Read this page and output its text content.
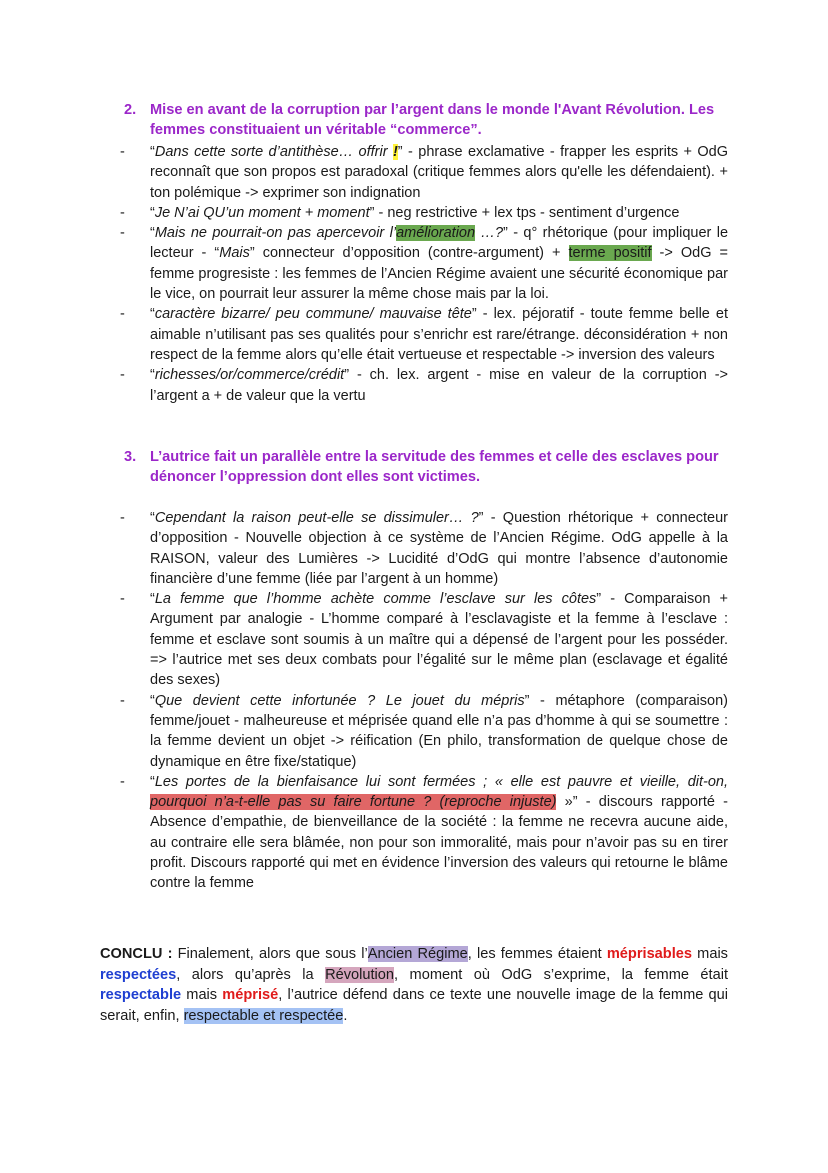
2. Mise en avant de la corruption par l’argent dans le monde l'Avant Révolution. Les femmes constituaient un véritable “commerce”.
- “Dans cette sorte d’antithèse… offrir !” - phrase exclamative - frapper les esprits + OdG reconnaît que son propos est paradoxal (critique femmes alors qu'elle les défendaient). + ton polémique -> exprimer son indignation
- “Je N’ai QU’un moment + moment” - neg restrictive + lex tps - sentiment d’urgence
- “Mais ne pourrait-on pas apercevoir l’amélioration …?” - q° rhétorique (pour impliquer le lecteur - “Mais” connecteur d’opposition (contre-argument) + terme positif -> OdG = femme progresiste : les femmes de l’Ancien Régime avaient une sécurité économique par le vice, on pourrait leur assurer la même chose mais par la loi.
- “caractère bizarre/ peu commune/ mauvaise tête” - lex. péjoratif - toute femme belle et aimable n’utilisant pas ses qualités pour s’enrichr est rare/étrange. déconsidération + non respect de la femme alors qu’elle était vertueuse et respectable -> inversion des valeurs
- “richesses/or/commerce/crédit” - ch. lex. argent - mise en valeur de la corruption -> l’argent a + de valeur que la vertu
3. L’autrice fait un parallèle entre la servitude des femmes et celle des esclaves pour dénoncer l’oppression dont elles sont victimes.
- “Cependant la raison peut-elle se dissimuler… ?” - Question rhétorique + connecteur d’opposition - Nouvelle objection à ce système de l’Ancien Régime. OdG appelle à la RAISON, valeur des Lumières -> Lucidité d’OdG qui montre l’absence d’autonomie financière d’une femme (liée par l’argent à un homme)
- “La femme que l’homme achète comme l’esclave sur les côtes” - Comparaison + Argument par analogie - L’homme comparé à l’esclavagiste et la femme à l’esclave : femme et esclave sont soumis à un maître qui a dépensé de l’argent pour les posséder. => l’autrice met ses deux combats pour l’égalité sur le même plan (esclavage et égalité des sexes)
- “Que devient cette infortunée ? Le jouet du mépris” - métaphore (comparaison) femme/jouet - malheureuse et méprisée quand elle n’a pas d’homme à qui se soumettre : la femme devient un objet -> réification (En philo, transformation de quelque chose de dynamique en être fixe/statique)
- “Les portes de la bienfaisance lui sont fermées ; « elle est pauvre et vieille, dit-on, pourquoi n’a-t-elle pas su faire fortune ? (reproche injuste) »” - discours rapporté - Absence d’empathie, de bienveillance de la société : la femme ne recevra aucune aide, au contraire elle sera blâmée, non pour son immoralité, mais pour n’avoir pas su en tirer profit. Discours rapporté qui met en évidence l’inversion des valeurs qui retourne le blâme contre la femme
CONCLU : Finalement, alors que sous l’Ancien Régime, les femmes étaient méprisables mais respectées, alors qu’après la Révolution, moment où OdG s’exprime, la femme était respectable mais méprisé, l’autrice défend dans ce texte une nouvelle image de la femme qui serait, enfin, respectable et respectée.
